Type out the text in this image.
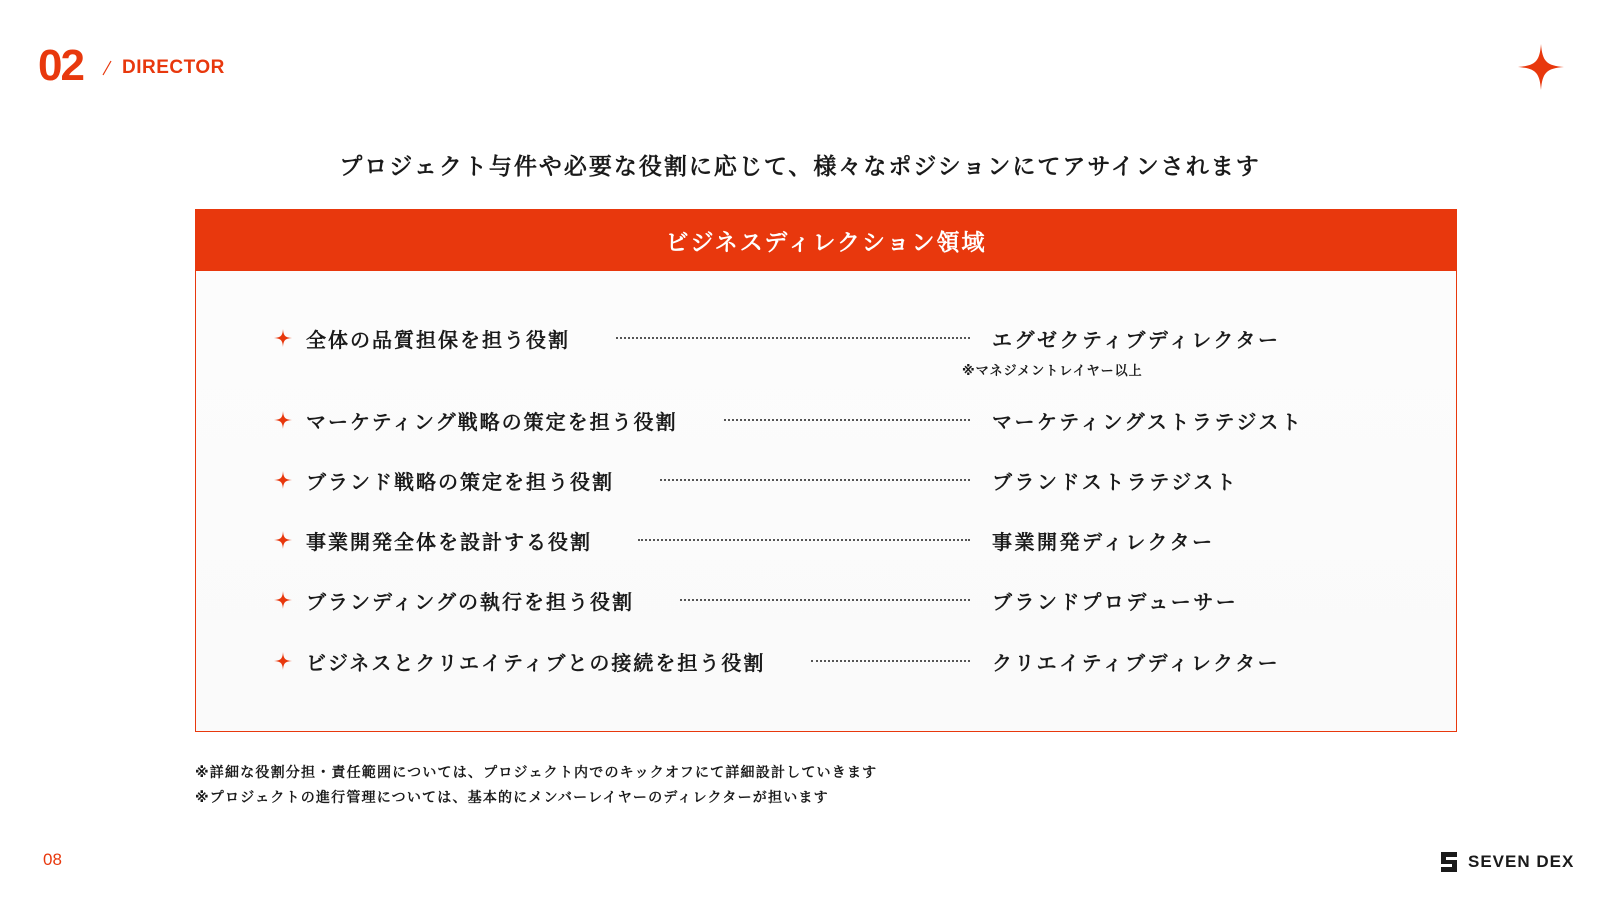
02 DIRECTOR
プロジェクト与件や必要な役割に応じて、様々なポジションにてアサインされます
ビジネスディレクション領域
全体の品質担保を担う役割	エグゼクティブディレクター
※マネジメントレイヤー以上
マーケティング戦略の策定を担う役割	マーケティングストラテジスト
ブランド戦略の策定を担う役割	ブランドストラテジスト
事業開発全体を設計する役割	事業開発ディレクター
ブランディングの執行を担う役割	ブランドプロデューサー
ビジネスとクリエイティブとの接続を担う役割	クリエイティブディレクター
※詳細な役割分担・責任範囲については、プロジェクト内でのキックオフにて詳細設計していきます
※プロジェクトの進行管理については、基本的にメンバーレイヤーのディレクターが担います
08	SEVEN DEX
